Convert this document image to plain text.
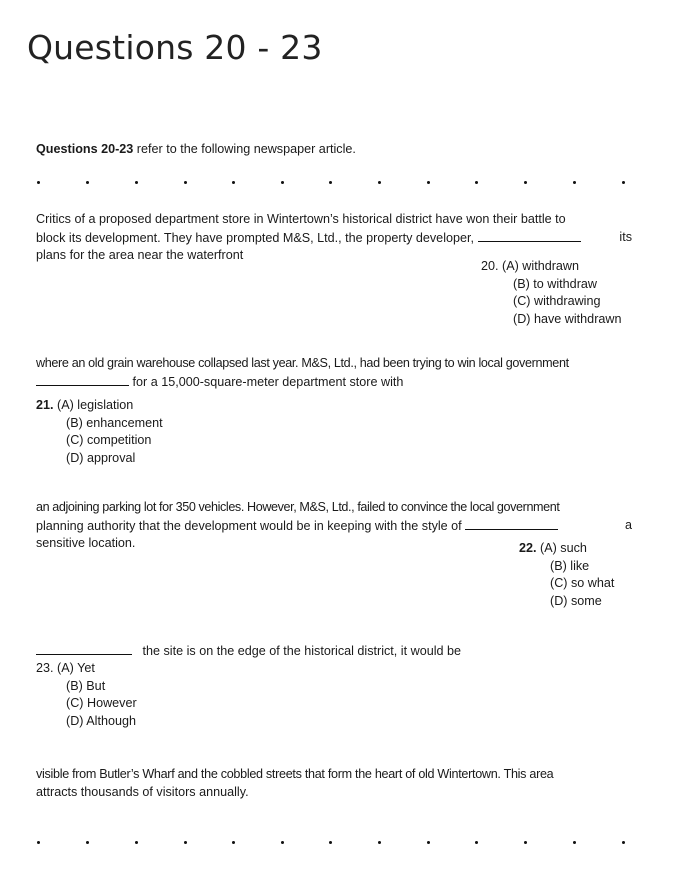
Questions 20 - 23
Questions 20-23 refer to the following newspaper article.
Critics of a proposed department store in Wintertown’s historical district have won their battle to
block its development. They have prompted M&S, Ltd., the property developer,	its
plans for the area near the waterfront
20. (A) withdrawn
(B) to withdraw
(C) withdrawing
(D) have withdrawn
where an old grain warehouse collapsed last year. M&S, Ltd., had been trying to win local government
for a 15,000-square-meter department store with
21. (A) legislation
(B) enhancement
(C) competition
(D) approval
an adjoining parking lot for 350 vehicles. However, M&S, Ltd., failed to convince the local government
planning authority that the development would be in keeping with the style of	a
sensitive location.	22. (A) such
(B) like
(C) so what
(D) some
the site is on the edge of the historical district, it would be
23. (A) Yet
(B) But
(C) However
(D) Although
visible from Butler’s Wharf and the cobbled streets that form the heart of old Wintertown. This area
attracts thousands of visitors annually.
